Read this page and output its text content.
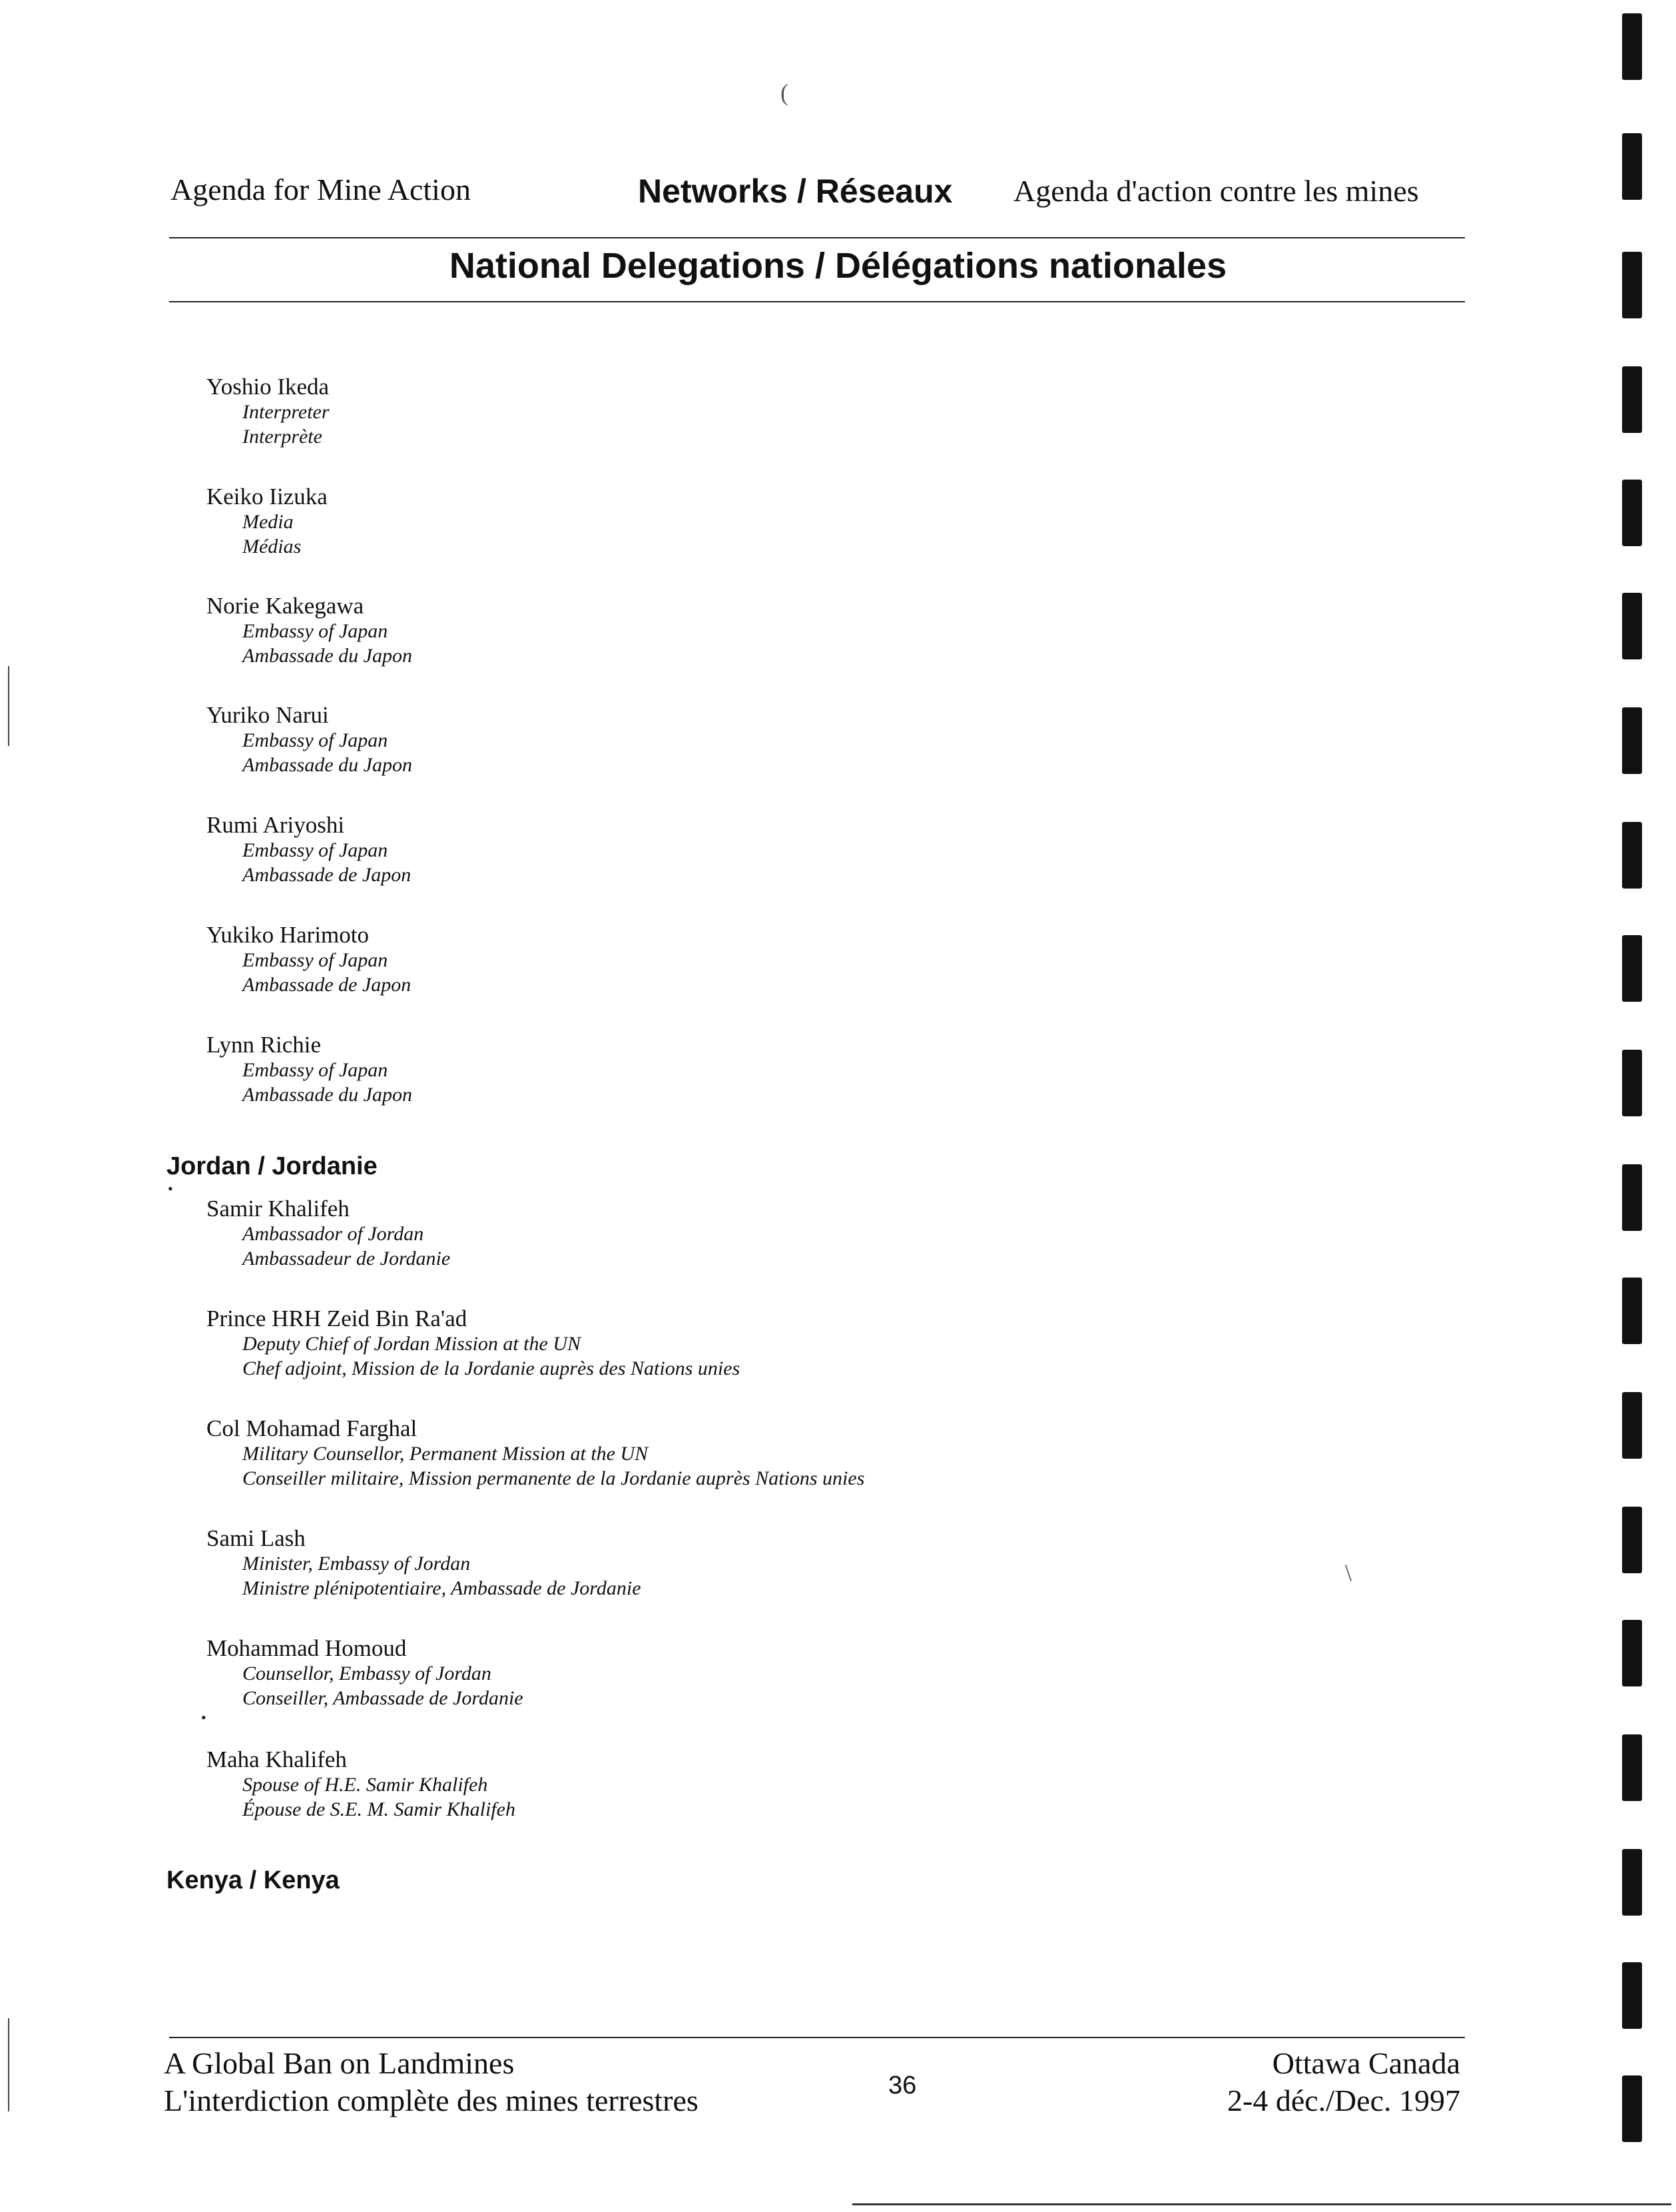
Agenda for Mine Action	Networks / Réseaux Agenda d'action contre les mines
National Delegations / Délégations nationales
Yoshio Ikeda
Interpreter
Interprète
Keiko Iizuka
Media
Médias
Norie Kakegawa
Embassy of Japan
Ambassade du Japon
Yuriko Narui
Embassy of Japan
Ambassade du Japon
Rumi Ariyoshi
Embassy of Japan
Ambassade de Japon
Yukiko Harimoto
Embassy of Japan
Ambassade de Japon
Lynn Richie
Embassy of Japan
Ambassade du Japon
Jordan / Jordanie
Samir Khalifeh
Ambassador of Jordan
Ambassadeur de Jordanie
Prince HRH Zeid Bin Ra'ad
Deputy Chief of Jordan Mission at the UN
Chef adjoint, Mission de la Jordanie auprès des Nations unies
Col Mohamad Farghal
Military Counsellor, Permanent Mission at the UN
Conseiller militaire, Mission permanente de la Jordanie auprès Nations unies
Sami Lash
Minister, Embassy of Jordan
Ministre plénipotentiaire, Ambassade de Jordanie
Mohammad Homoud
Counsellor, Embassy of Jordan
Conseiller, Ambassade de Jordanie
Maha Khalifeh
Spouse of H.E. Samir Khalifeh
Épouse de S.E. M. Samir Khalifeh
Kenya / Kenya
A Global Ban on Landmines
L'interdiction complète des mines terrestres	36
Ottawa Canada
2-4 déc./Dec. 1997
(
\
•
•
